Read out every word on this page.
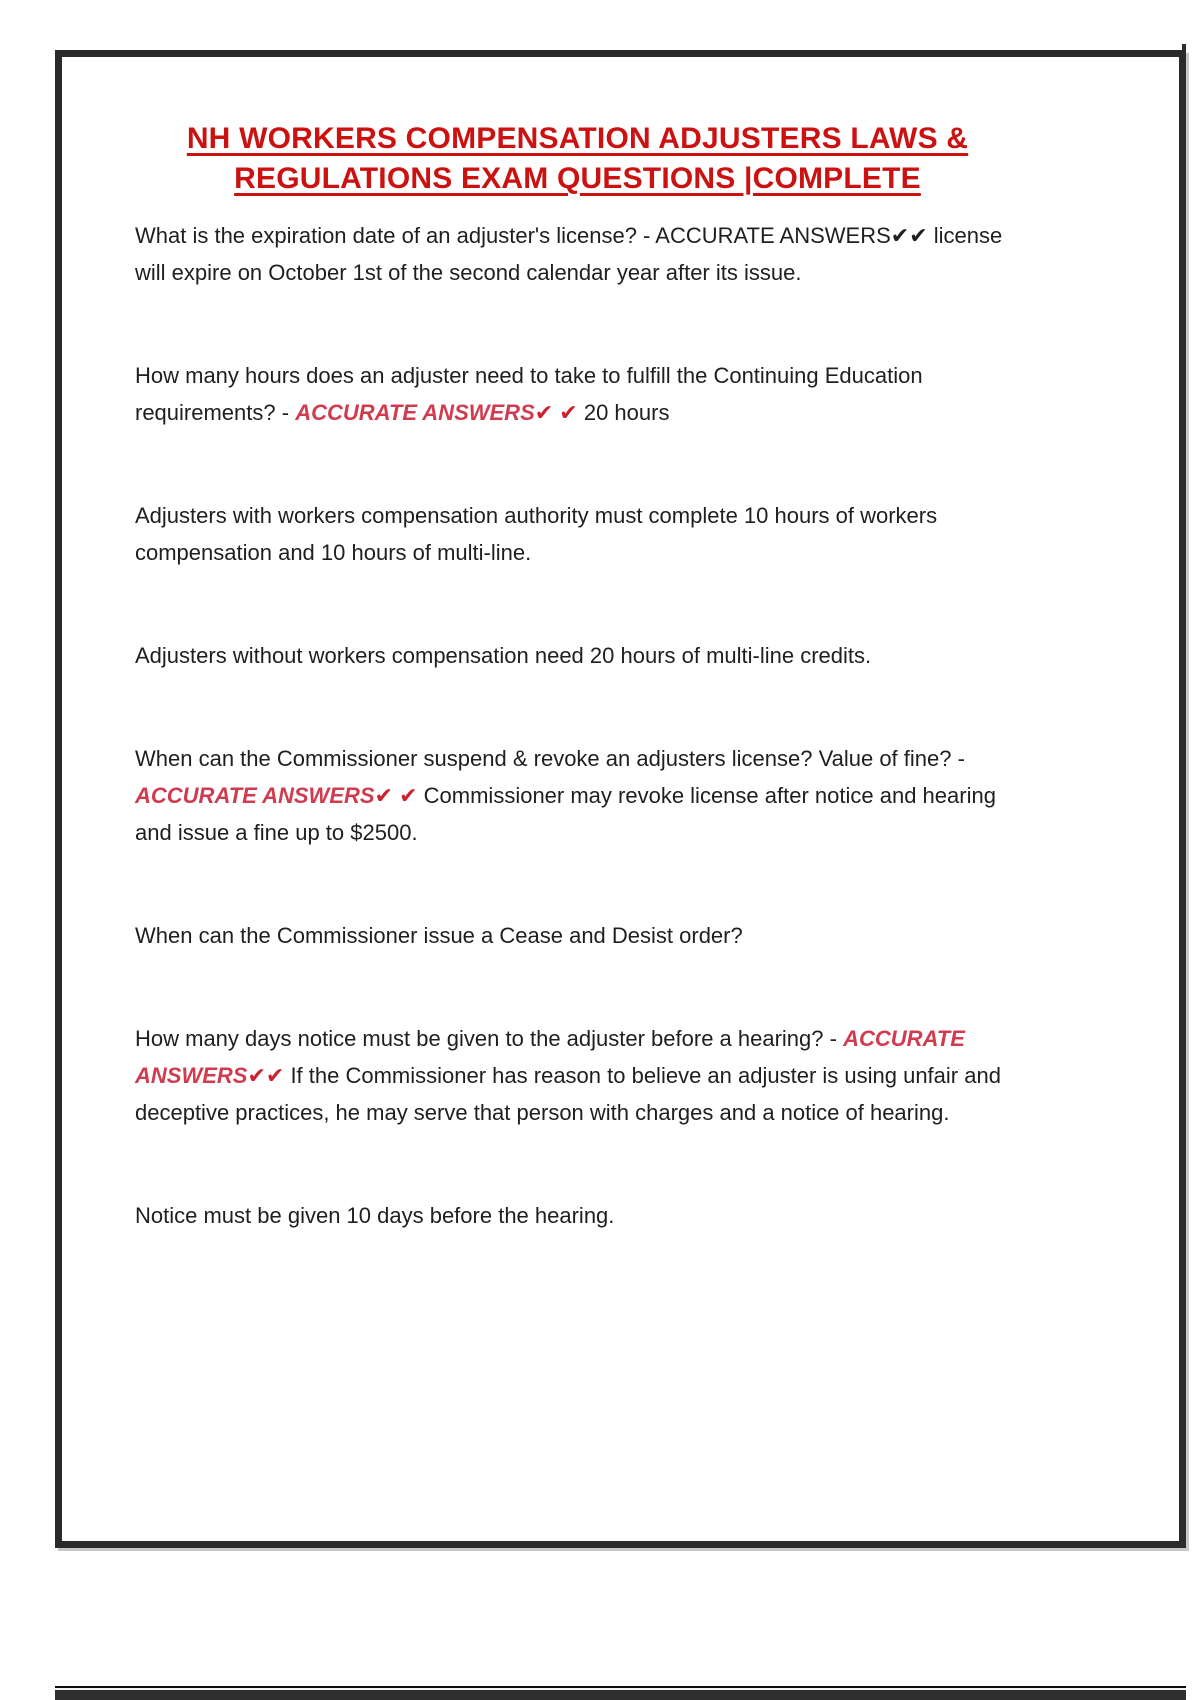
NH WORKERS COMPENSATION ADJUSTERS LAWS &REGULATIONS EXAM QUESTIONS |COMPLETE

What is the expiration date of an adjuster's license? - ACCURATE ANSWERS✔✔ license will expire on October 1st of the second calendar year after its issue.

How many hours does an adjuster need to take to fulfill the Continuing Education requirements? - ACCURATE ANSWERS✔ ✔ 20 hours

Adjusters with workers compensation authority must complete 10 hours of workers compensation and 10 hours of multi-line.

Adjusters without workers compensation need 20 hours of multi-line credits.

When can the Commissioner suspend & revoke an adjusters license? Value of fine? - ACCURATE ANSWERS✔ ✔ Commissioner may revoke license after notice and hearing and issue a fine up to $2500.

When can the Commissioner issue a Cease and Desist order?

How many days notice must be given to the adjuster before a hearing? - ACCURATE ANSWERS✔✔ If the Commissioner has reason to believe an adjuster is using unfair and deceptive practices, he may serve that person with charges and a notice of hearing.

Notice must be given 10 days before the hearing.
